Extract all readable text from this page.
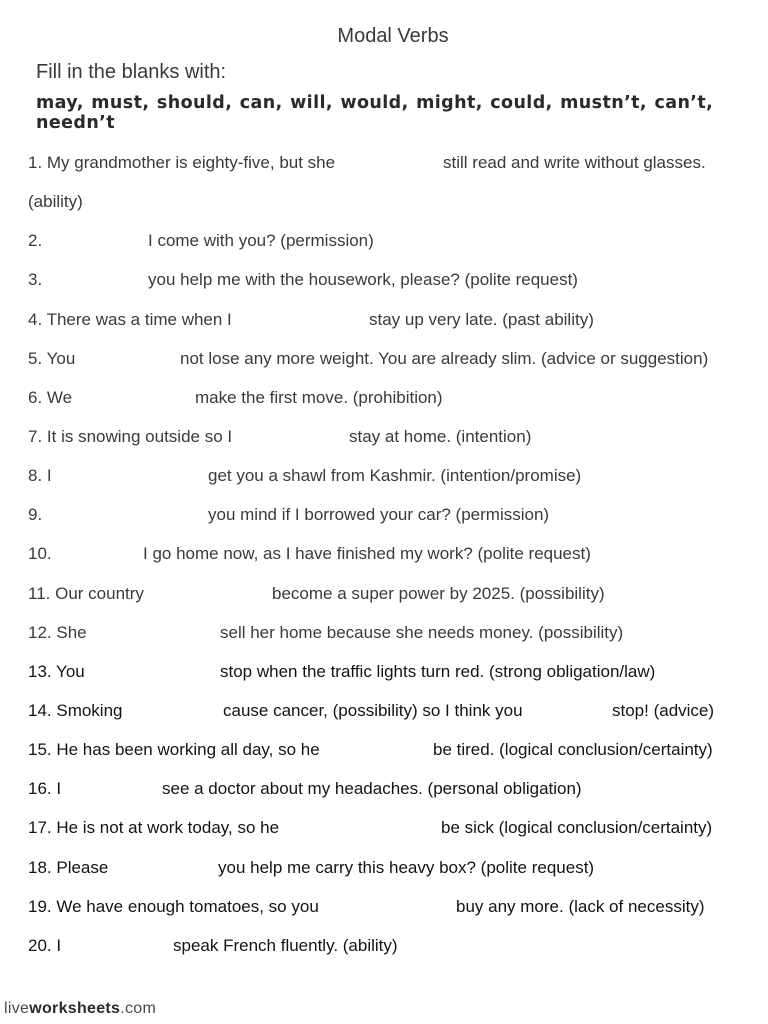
Modal Verbs
Fill in the blanks with:
may, must, should, can, will, would, might, could, mustn’t, can’t, needn’t
1. My grandmother is eighty-five, but she	still read and write without glasses.
(ability)
2.	I come with you? (permission)
3.	you help me with the housework, please? (polite request)
4. There was a time when I	stay up very late. (past ability)
5. You	not lose any more weight. You are already slim. (advice or suggestion)
6. We	make the first move. (prohibition)
7. It is snowing outside so I	stay at home. (intention)
8. I	get you a shawl from Kashmir. (intention/promise)
9.	you mind if I borrowed your car? (permission)
10.	I go home now, as I have finished my work? (polite request)
11. Our country	become a super power by 2025. (possibility)
12. She	sell her home because she needs money. (possibility)
13. You	stop when the traffic lights turn red. (strong obligation/law)
14. Smoking	cause cancer, (possibility) so I think you	stop! (advice)
15. He has been working all day, so he	be tired. (logical conclusion/certainty)
16. I	see a doctor about my headaches. (personal obligation)
17. He is not at work today, so he	be sick (logical conclusion/certainty)
18. Please	you help me carry this heavy box? (polite request)
19. We have enough tomatoes, so you	buy any more. (lack of necessity)
20. I	speak French fluently. (ability)
liveworksheets.com
